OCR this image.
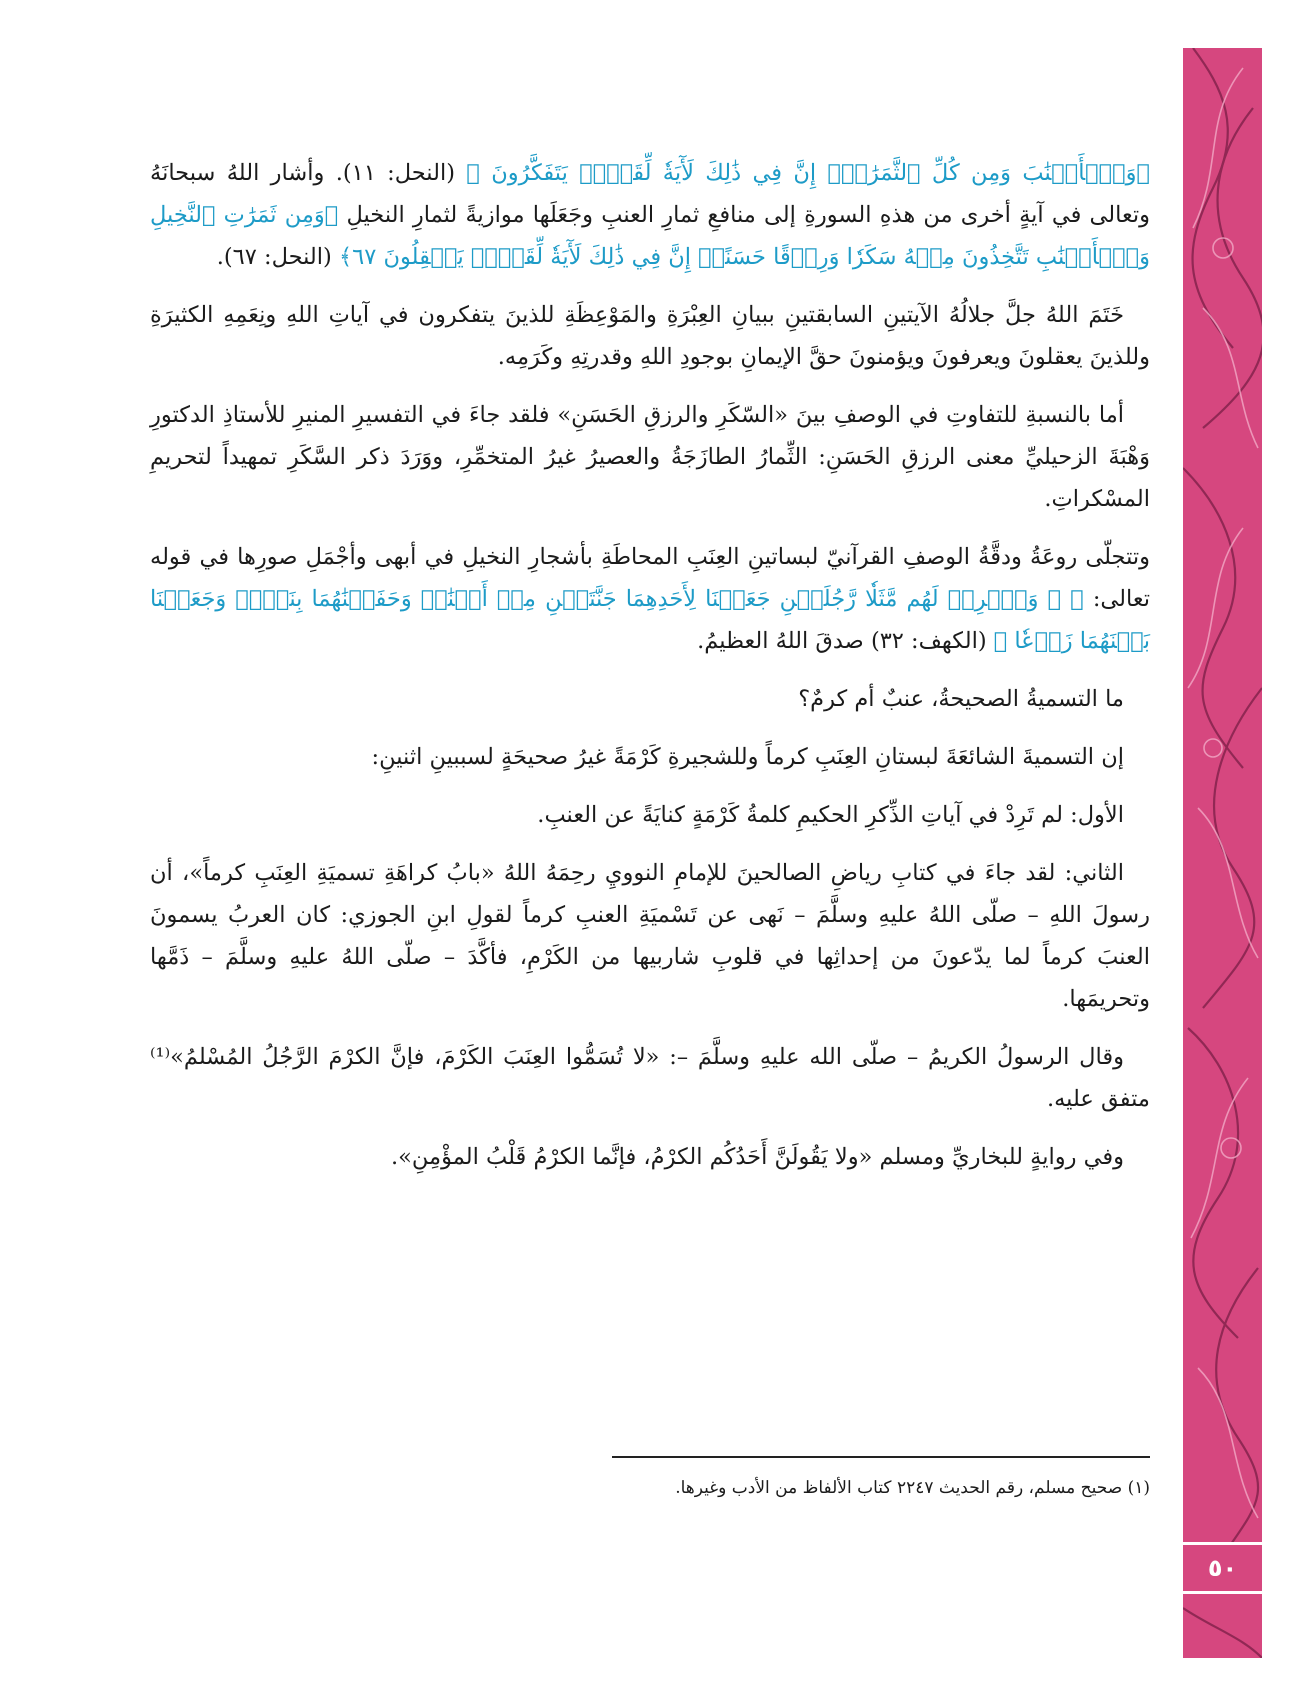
٥٠

﴿وَٱلۡأَعۡنَٰبَ وَمِن كُلِّ ٱلثَّمَرَٰتِۚ إِنَّ فِي ذَٰلِكَ لَأٓيَةٗ لِّقَوۡمٖ يَتَفَكَّرُونَ ﴾ (النحل: ١١). وأشار اللهُ سبحانَهُ وتعالى في آيةٍ أخرى من هذهِ السورةِ إلى منافعِ ثمارِ العنبِ وجَعَلَها موازيةً لثمارِ النخيلِ ﴿وَمِن ثَمَرَٰتِ ٱلنَّخِيلِ وَٱلۡأَعۡنَٰبِ تَتَّخِذُونَ مِنۡهُ سَكَرٗا وَرِزۡقًا حَسَنًاۚ إِنَّ فِي ذَٰلِكَ لَأٓيَةٗ لِّقَوۡمٖ يَعۡقِلُونَ ٦٧﴾ (النحل: ٦٧).

خَتَمَ اللهُ جلَّ جلالُهُ الآيتينِ السابقتينِ ببيانِ العِبْرَةِ والمَوْعِظَةِ للذينَ يتفكرون في آياتِ اللهِ ونِعَمِهِ الكثيرَةِ وللذينَ يعقلونَ ويعرفونَ ويؤمنونَ حقَّ الإيمانِ بوجودِ اللهِ وقدرتِهِ وكَرَمِه.

أما بالنسبةِ للتفاوتِ في الوصفِ بينَ «السّكَرِ والرزقِ الحَسَنِ» فلقد جاءَ في التفسيرِ المنيرِ للأستاذِ الدكتورِ وَهْبَةَ الزحيليِّ معنى الرزقِ الحَسَنِ: الثِّمارُ الطازَجَةُ والعصيرُ غيرُ المتخمِّرِ، ووَرَدَ ذكر السَّكَرِ تمهيداً لتحريمِ المسْكراتِ.

وتتجلّى روعَةُ ودقَّةُ الوصفِ القرآنيّ لبساتينِ العِنَبِ المحاطَةِ بأشجارِ النخيلِ في أبهى وأجْمَلِ صورِها في قوله تعالى: ﴿ ۞ وَٱضۡرِبۡ لَهُم مَّثَلٗا رَّجُلَيۡنِ جَعَلۡنَا لِأَحَدِهِمَا جَنَّتَيۡنِ مِنۡ أَعۡنَٰبٖ وَحَفَفۡنَٰهُمَا بِنَخۡلٖ وَجَعَلۡنَا بَيۡنَهُمَا زَرۡعٗا ﴾ (الكهف: ٣٢) صدقَ اللهُ العظيمُ.

ما التسميةُ الصحيحةُ، عنبٌ أم كرمٌ؟

إن التسميةَ الشائعَةَ لبستانِ العِنَبِ كرماً وللشجيرةِ كَرْمَةً غيرُ صحيحَةٍ لسببينِ اثنينِ:

الأول: لم تَرِدْ في آياتِ الذِّكرِ الحكيمِ كلمةُ كَرْمَةٍ كنايَةً عن العنبِ.

الثاني: لقد جاءَ في كتابِ رياضِ الصالحينَ للإمامِ النوويِ رحِمَهُ اللهُ «بابُ كراهَةِ تسميَةِ العِنَبِ كرماً»، أن رسولَ اللهِ – صلّى اللهُ عليهِ وسلَّمَ – نَهى عن تَسْميَةِ العنبِ كرماً لقولِ ابنِ الجوزي: كان العربُ يسمونَ العنبَ كرماً لما يدّعونَ من إحداثِها في قلوبِ شاربيها من الكَرْمِ، فأكَّدَ – صلّى اللهُ عليهِ وسلَّمَ – ذَمَّها وتحريمَها.

وقال الرسولُ الكريمُ – صلّى الله عليهِ وسلَّمَ –: «لا تُسَمُّوا العِنَبَ الكَرْمَ، فإنَّ الكرْمَ الرَّجُلُ المُسْلمُ»⁽¹⁾ متفق عليه.

وفي روايةٍ للبخاريِّ ومسلم «ولا يَقُولَنَّ أَحَدُكُم الكرْمُ، فإنَّما الكرْمُ قَلْبُ المؤْمِنِ».

(١) صحيح مسلم، رقم الحديث ٢٢٤٧ كتاب الألفاظ من الأدب وغيرها.
